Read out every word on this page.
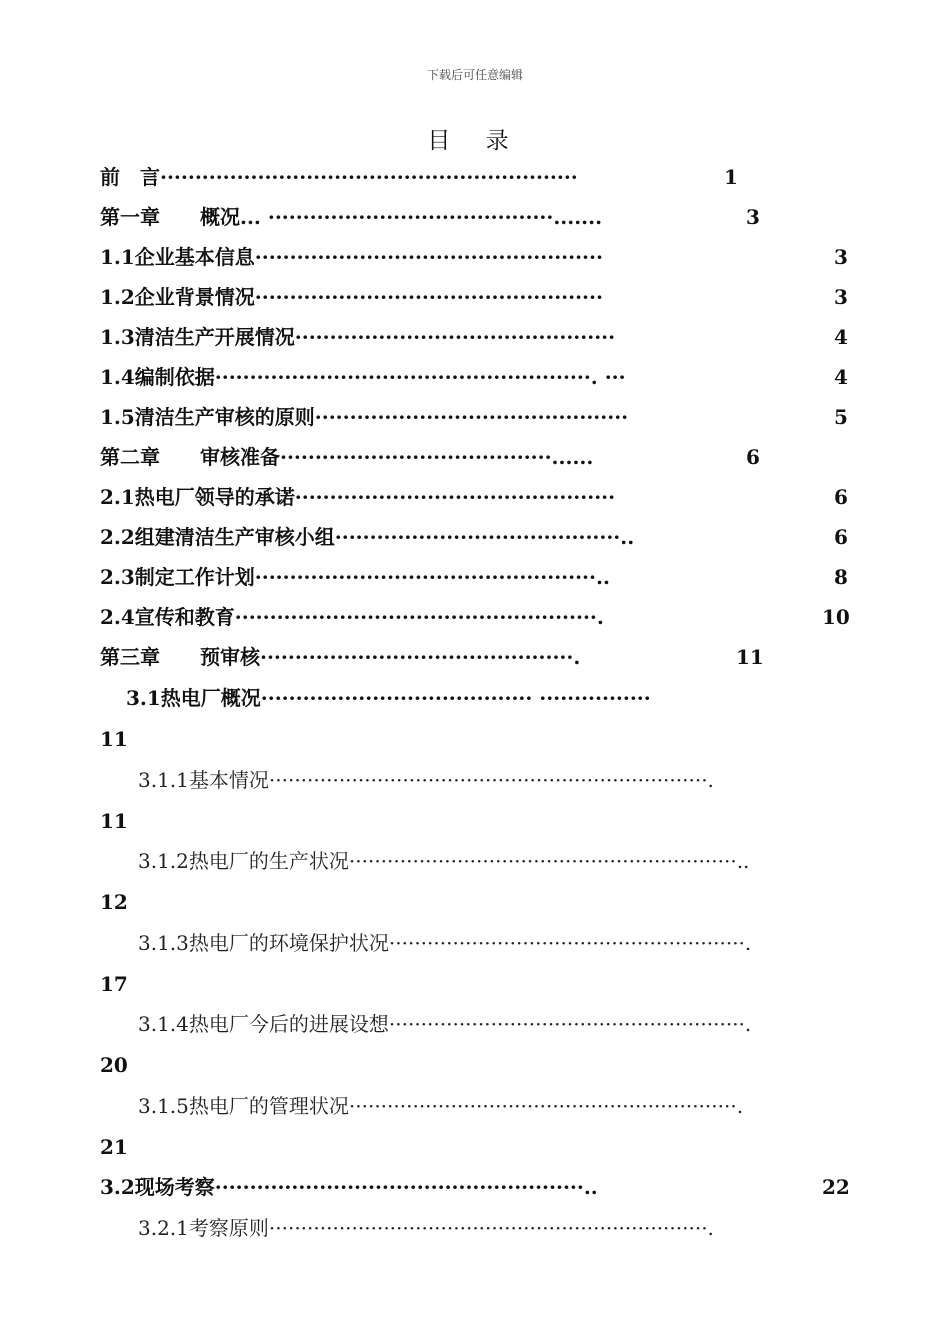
下载后可任意编辑
目 录
前　言····························································	1
第一章　　概况... ·········································.......	3
1.1企业基本信息··················································	3
1.2企业背景情况··················································	3
1.3清洁生产开展情况··············································	4
1.4编制依据······················································. ···	4
1.5清洁生产审核的原则·············································	5
第二章　　审核准备·······································......	6
2.1热电厂领导的承诺··············································	6
2.2组建清洁生产审核小组·········································..	6
2.3制定工作计划·················································..	8
2.4宣传和教育····················································.	10
第三章　　预审核·············································.	11
3.1热电厂概况······································· ················
11
3.1.1基本情况·····································································.
11
3.1.2热电厂的生产状况·····························································..
12
3.1.3热电厂的环境保护状况························································.
17
3.1.4热电厂今后的进展设想························································.
20
3.1.5热电厂的管理状况·····························································.
21
3.2现场考察·····················································..	22
3.2.1考察原则·····································································.
